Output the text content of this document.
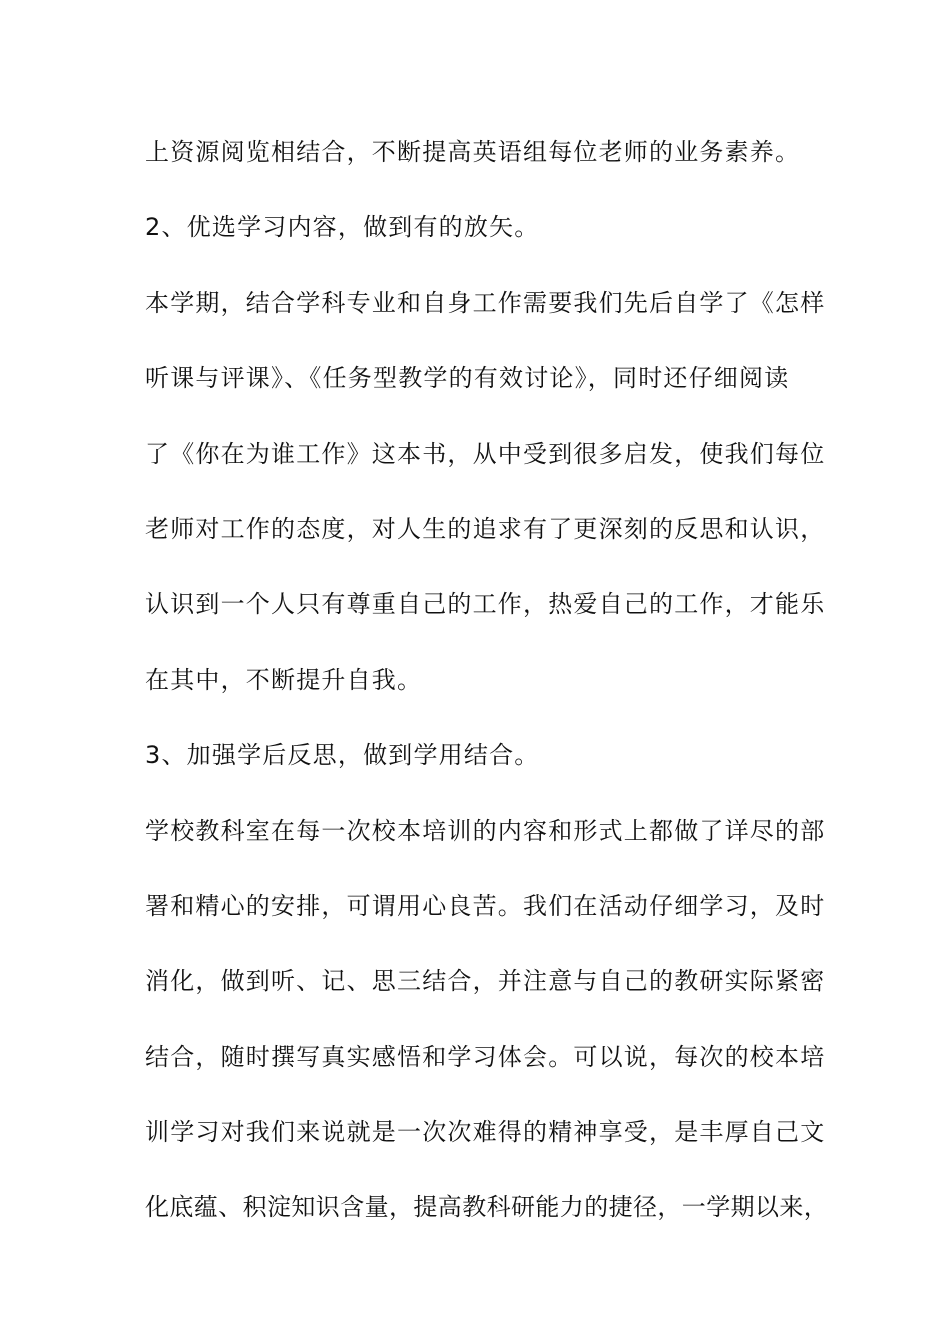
上资源阅览相结合，不断提高英语组每位老师的业务素养。
2、优选学习内容，做到有的放矢。
本学期，结合学科专业和自身工作需要我们先后自学了《怎样
听课与评课》、《任务型教学的有效讨论》，同时还仔细阅读
了《你在为谁工作》这本书，从中受到很多启发，使我们每位
老师对工作的态度，对人生的追求有了更深刻的反思和认识，
认识到一个人只有尊重自己的工作，热爱自己的工作，才能乐
在其中，不断提升自我。
3、加强学后反思，做到学用结合。
学校教科室在每一次校本培训的内容和形式上都做了详尽的部
署和精心的安排，可谓用心良苦。我们在活动仔细学习，及时
消化，做到听、记、思三结合，并注意与自己的教研实际紧密
结合，随时撰写真实感悟和学习体会。可以说，每次的校本培
训学习对我们来说就是一次次难得的精神享受，是丰厚自己文
化底蕴、积淀知识含量，提高教科研能力的捷径，一学期以来，
